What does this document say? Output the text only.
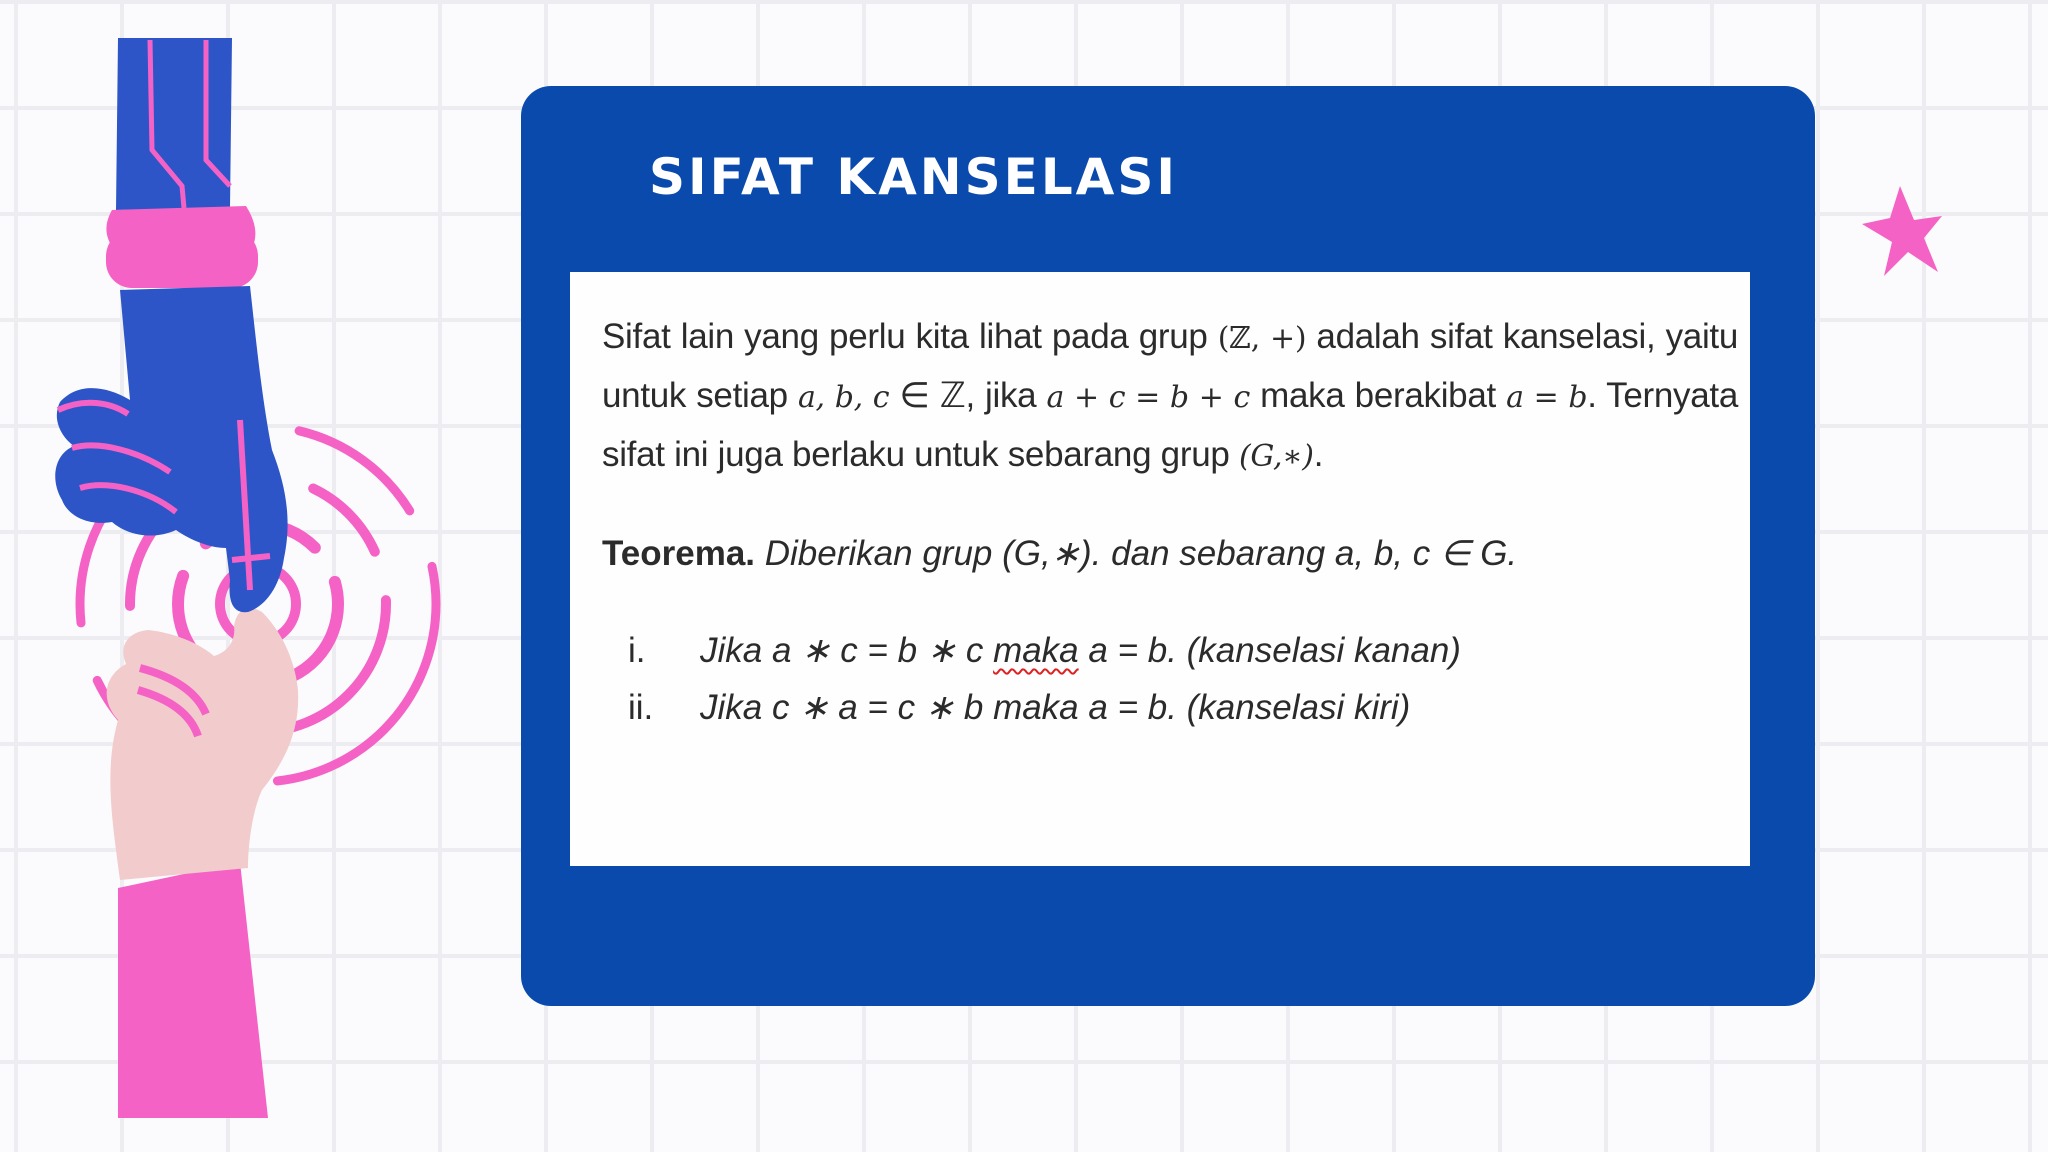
SIFAT KANSELASI

Sifat lain yang perlu kita lihat pada grup (ℤ, +) adalah sifat kanselasi, yaitu untuk setiap a, b, c ∈ ℤ, jika a + c = b + c maka berakibat a = b. Ternyata sifat ini juga berlaku untuk sebarang grup (G,∗).

Teorema. Diberikan grup (G,∗). dan sebarang a, b, c ∈ G.

i.	Jika a ∗ c = b ∗ c maka a = b. (kanselasi kanan)
ii.	Jika c ∗ a = c ∗ b maka a = b. (kanselasi kiri)
